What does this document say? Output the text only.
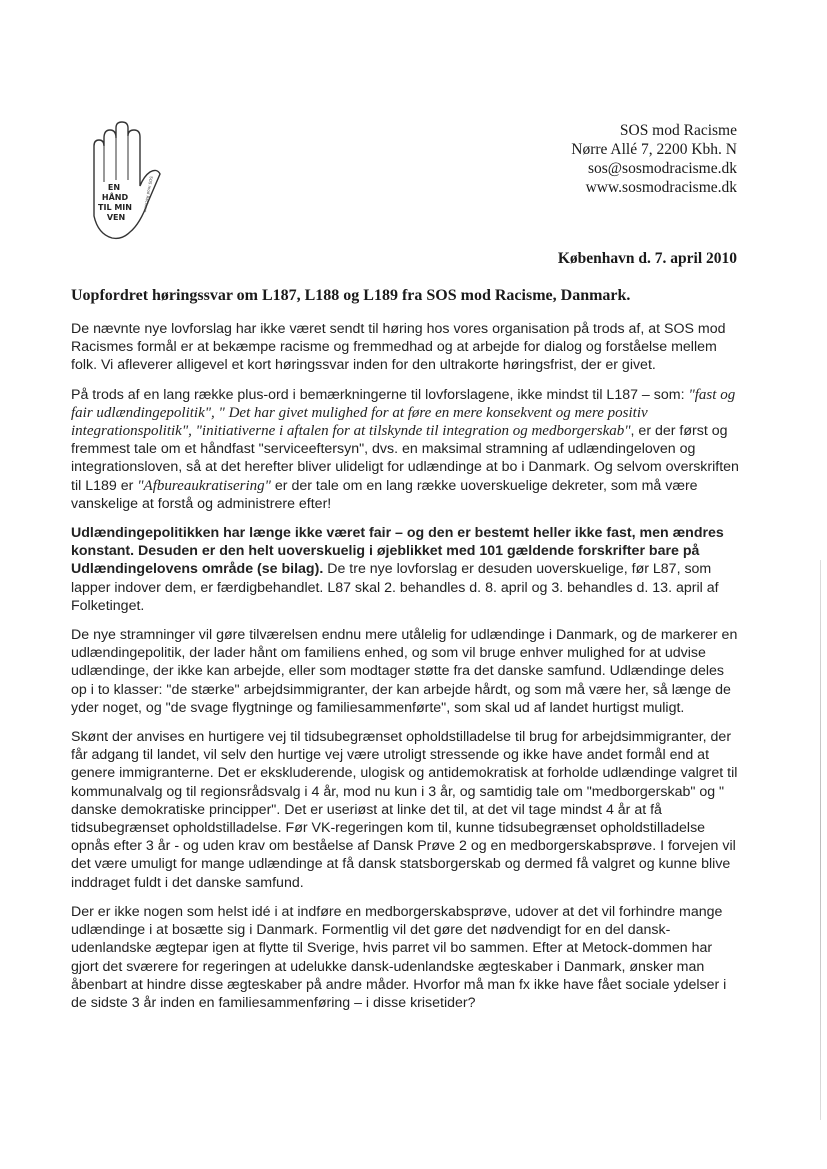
EN
HÅND
TIL MIN
VEN
SOS mod Racisme
SOS mod Racisme
Nørre Allé 7, 2200 Kbh. N
sos@sosmodracisme.dk
www.sosmodracisme.dk
København d. 7. april 2010
Uopfordret høringssvar om L187, L188 og L189 fra SOS mod Racisme, Danmark.

De nævnte nye lovforslag har ikke været sendt til høring hos vores organisation på trods af, at SOS mod Racismes formål er at bekæmpe racisme og fremmedhad og at arbejde for dialog og forståelse mellem folk. Vi afleverer alligevel et kort høringssvar inden for den ultrakorte høringsfrist, der er givet.

På trods af en lang række plus-ord i bemærkningerne til lovforslagene, ikke mindst til L187 – som: "fast og fair udlændingepolitik", " Det har givet mulighed for at føre en mere konsekvent og mere positiv integrationspolitik", "initiativerne i aftalen for at tilskynde til integration og medborgerskab", er der først og fremmest tale om et håndfast "serviceeftersyn", dvs. en maksimal stramning af udlændingeloven og integrationsloven, så at det herefter bliver ulideligt for udlændinge at bo i Danmark. Og selvom overskriften til L189 er "Afbureaukratisering" er der tale om en lang række uoverskuelige dekreter, som må være vanskelige at forstå og administrere efter!

Udlændingepolitikken har længe ikke været fair – og den er bestemt heller ikke fast, men ændres konstant. Desuden er den helt uoverskuelig i øjeblikket med 101 gældende forskrifter bare på Udlændingelovens område (se bilag). De tre nye lovforslag er desuden uoverskuelige, før L87, som lapper indover dem, er færdigbehandlet. L87 skal 2. behandles d. 8. april og 3. behandles d. 13. april af Folketinget.

De nye stramninger vil gøre tilværelsen endnu mere utålelig for udlændinge i Danmark, og de markerer en udlændingepolitik, der lader hånt om familiens enhed, og som vil bruge enhver mulighed for at udvise udlændinge, der ikke kan arbejde, eller som modtager støtte fra det danske samfund. Udlændinge deles op i to klasser: "de stærke" arbejdsimmigranter, der kan arbejde hårdt, og som må være her, så længe de yder noget, og "de svage flygtninge og familiesammenførte", som skal ud af landet hurtigst muligt.

Skønt der anvises en hurtigere vej til tidsubegrænset opholdstilladelse til brug for arbejdsimmigranter, der får adgang til landet, vil selv den hurtige vej være utroligt stressende og ikke have andet formål end at genere immigranterne. Det er ekskluderende, ulogisk og antidemokratisk at forholde udlændinge valgret til kommunalvalg og til regionsrådsvalg i 4 år, mod nu kun i 3 år, og samtidig tale om "medborgerskab" og " danske demokratiske principper". Det er useriøst at linke det til, at det vil tage mindst 4 år at få tidsubegrænset opholdstilladelse. Før VK-regeringen kom til, kunne tidsubegrænset opholdstilladelse opnås efter 3 år - og uden krav om beståelse af Dansk Prøve 2 og en medborgerskabsprøve. I forvejen vil det være umuligt for mange udlændinge at få dansk statsborgerskab og dermed få valgret og kunne blive inddraget fuldt i det danske samfund.

Der er ikke nogen som helst idé i at indføre en medborgerskabsprøve, udover at det vil forhindre mange udlændinge i at bosætte sig i Danmark. Formentlig vil det gøre det nødvendigt for en del dansk-udenlandske ægtepar igen at flytte til Sverige, hvis parret vil bo sammen. Efter at Metock-dommen har gjort det sværere for regeringen at udelukke dansk-udenlandske ægteskaber i Danmark, ønsker man åbenbart at hindre disse ægteskaber på andre måder. Hvorfor må man fx ikke have fået sociale ydelser i de sidste 3 år inden en familiesammenføring – i disse krisetider?
